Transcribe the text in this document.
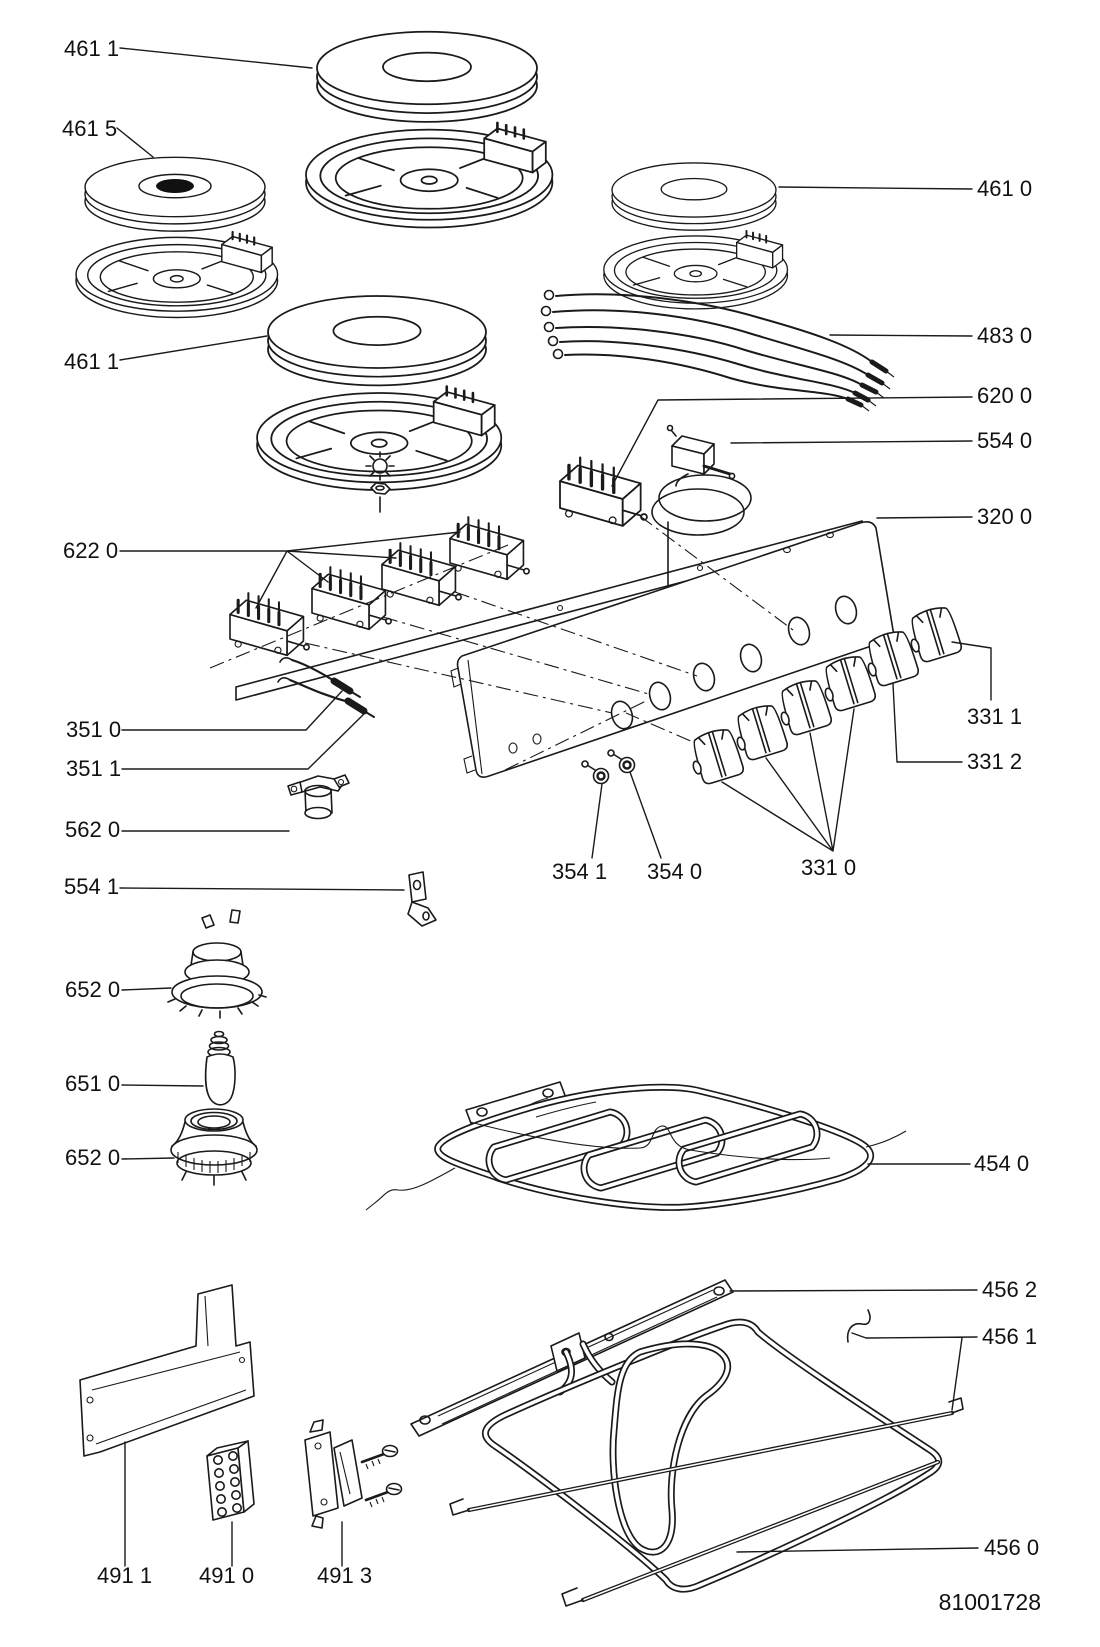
461 1
461 5
461 0
461 1
483 0
620 0
554 0
320 0
622 0
351 0
351 1
562 0
554 1
652 0
651 0
652 0
354 1 354 0	331 0
331 1
331 2
454 0
456 2
456 1
456 0
491 1 491 0	491 3
81001728
